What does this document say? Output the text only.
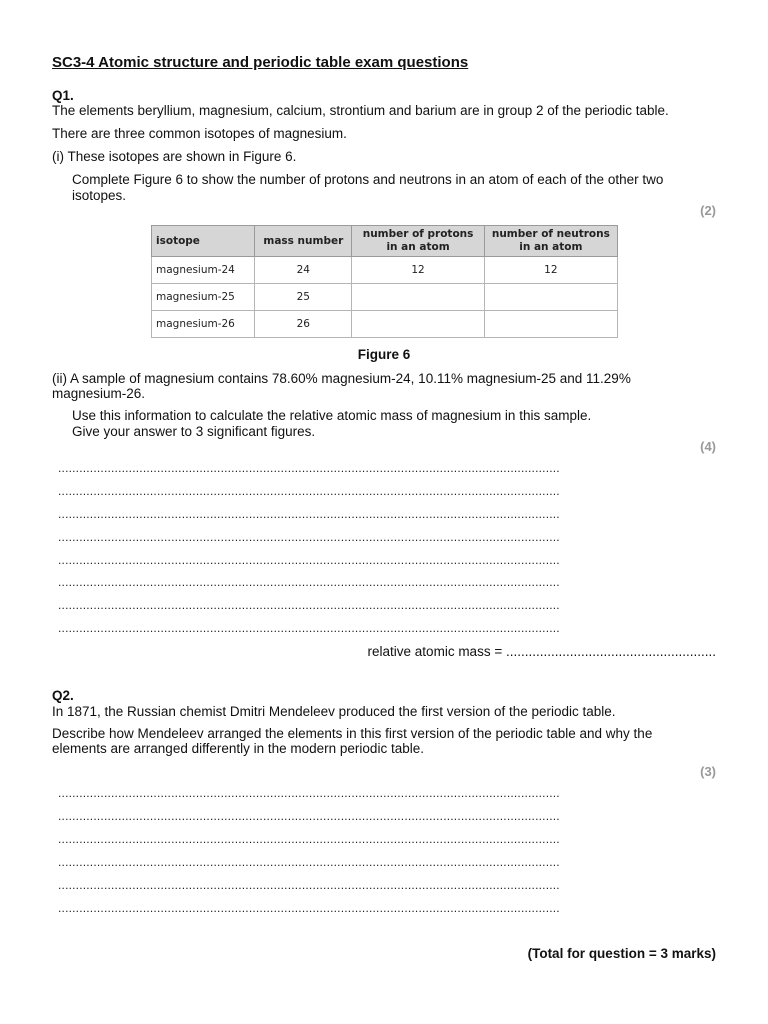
SC3-4 Atomic structure and periodic table exam questions
Q1.
The elements beryllium, magnesium, calcium, strontium and barium are in group 2 of the periodic table.
There are three common isotopes of magnesium.
(i) These isotopes are shown in Figure 6.
Complete Figure 6 to show the number of protons and neutrons in an atom of each of the other two
isotopes.
(2)
isotope	mass number	number of protons in an atom	number of neutrons in an atom
magnesium-24	24	12	12
magnesium-25	25		
magnesium-26	26		
Figure 6
(ii) A sample of magnesium contains 78.60% magnesium-24, 10.11% magnesium-25 and 11.29%
magnesium-26.
Use this information to calculate the relative atomic mass of magnesium in this sample.
Give your answer to 3 significant figures.
(4)
..............................................................................................................................................
..............................................................................................................................................
..............................................................................................................................................
..............................................................................................................................................
..............................................................................................................................................
..............................................................................................................................................
..............................................................................................................................................
..............................................................................................................................................
relative atomic mass = ........................................................
Q2.
In 1871, the Russian chemist Dmitri Mendeleev produced the first version of the periodic table.
Describe how Mendeleev arranged the elements in this first version of the periodic table and why the
elements are arranged differently in the modern periodic table.
(3)
..............................................................................................................................................
..............................................................................................................................................
..............................................................................................................................................
..............................................................................................................................................
..............................................................................................................................................
..............................................................................................................................................
(Total for question = 3 marks)
